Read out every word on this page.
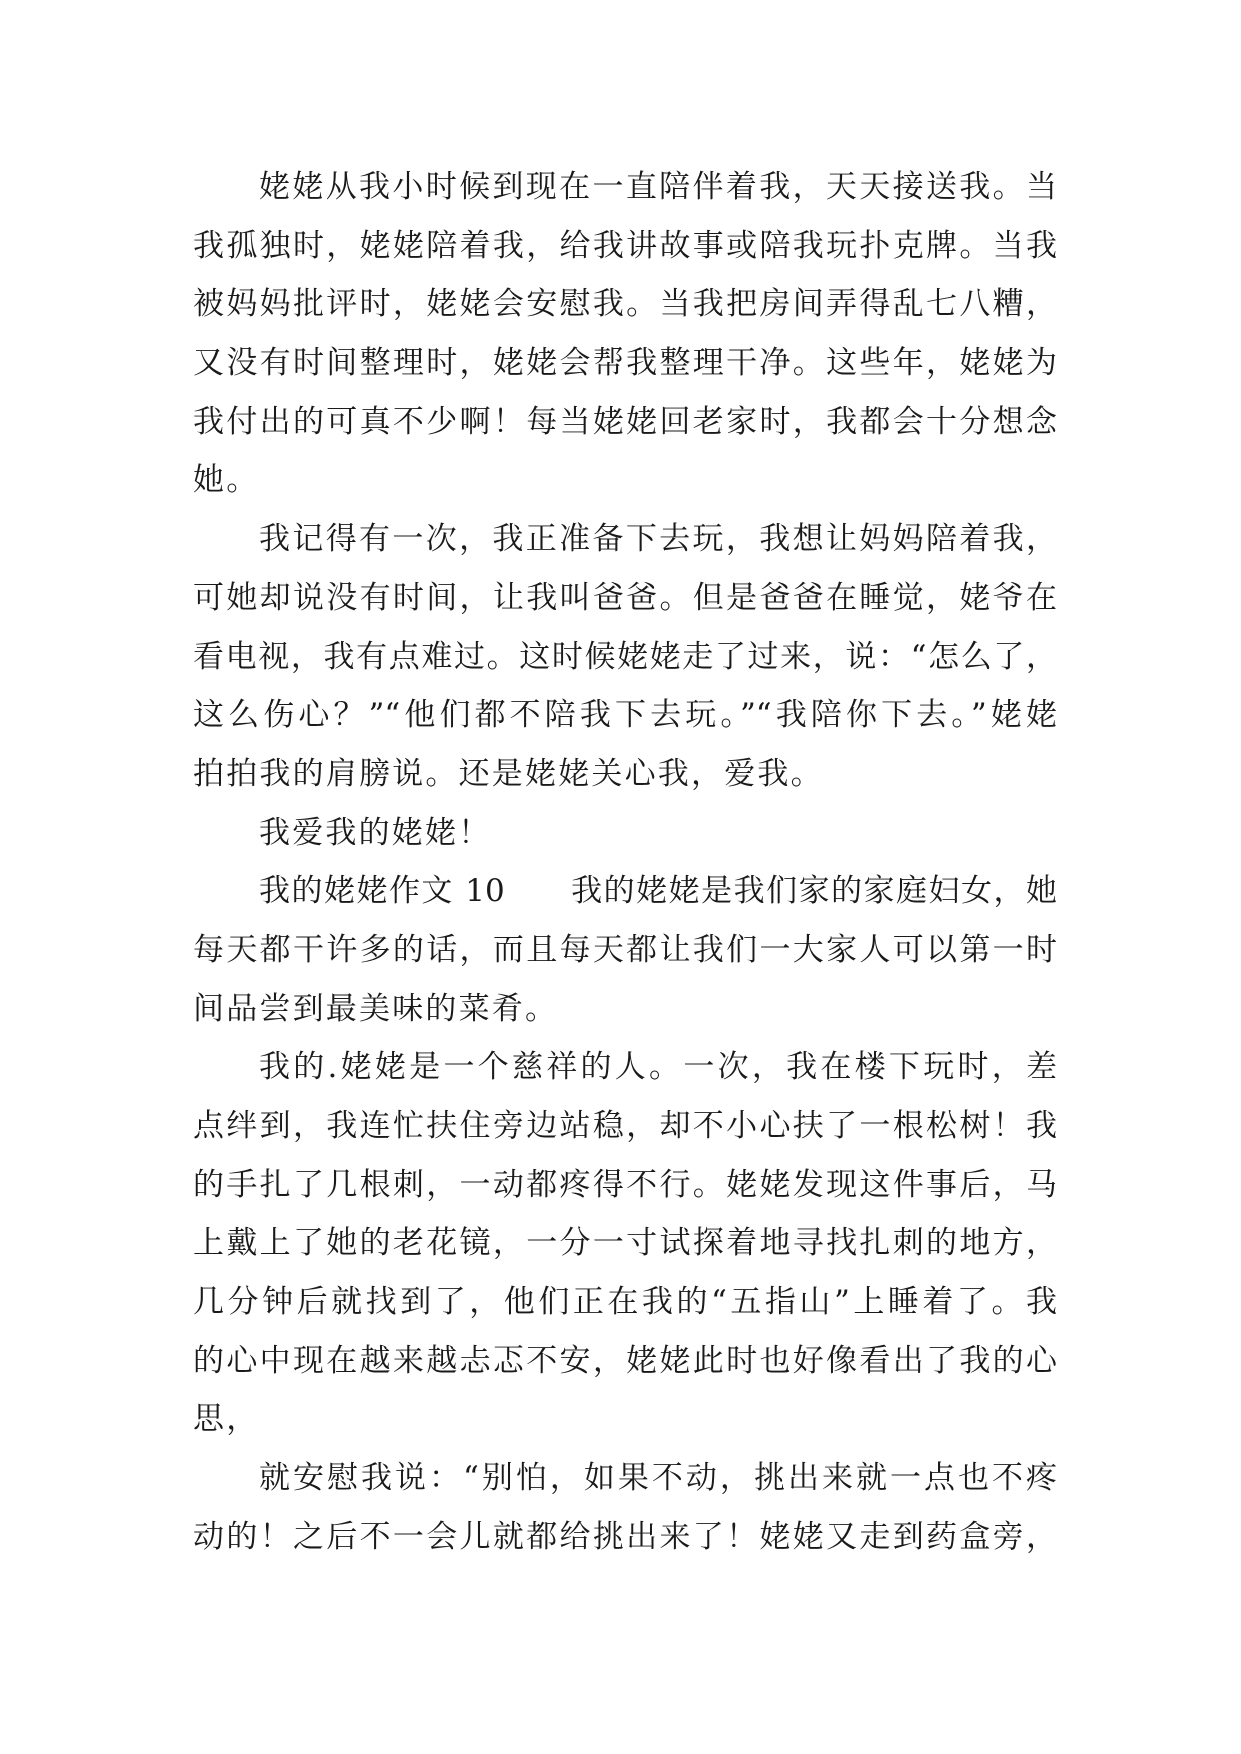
姥姥从我小时候到现在一直陪伴着我，天天接送我。当
我孤独时，姥姥陪着我，给我讲故事或陪我玩扑克牌。当我
被妈妈批评时，姥姥会安慰我。当我把房间弄得乱七八糟，
又没有时间整理时，姥姥会帮我整理干净。这些年，姥姥为
我付出的可真不少啊！每当姥姥回老家时，我都会十分想念
她。
我记得有一次，我正准备下去玩，我想让妈妈陪着我，
可她却说没有时间，让我叫爸爸。但是爸爸在睡觉，姥爷在
看电视，我有点难过。这时候姥姥走了过来，说：“怎么了，
这么伤心？”“他们都不陪我下去玩。”“我陪你下去。”姥姥
拍拍我的肩膀说。还是姥姥关心我，爱我。
我爱我的姥姥！
我的姥姥作文 10　　我的姥姥是我们家的家庭妇女，她
每天都干许多的话，而且每天都让我们一大家人可以第一时
间品尝到最美味的菜肴。
我的.姥姥是一个慈祥的人。一次，我在楼下玩时，差
点绊到，我连忙扶住旁边站稳，却不小心扶了一根松树！我
的手扎了几根刺，一动都疼得不行。姥姥发现这件事后，马
上戴上了她的老花镜，一分一寸试探着地寻找扎刺的地方，
几分钟后就找到了，他们正在我的“五指山”上睡着了。我
的心中现在越来越忐忑不安，姥姥此时也好像看出了我的心
思，
就安慰我说：“别怕，如果不动，挑出来就一点也不疼
动的！之后不一会儿就都给挑出来了！姥姥又走到药盒旁，
